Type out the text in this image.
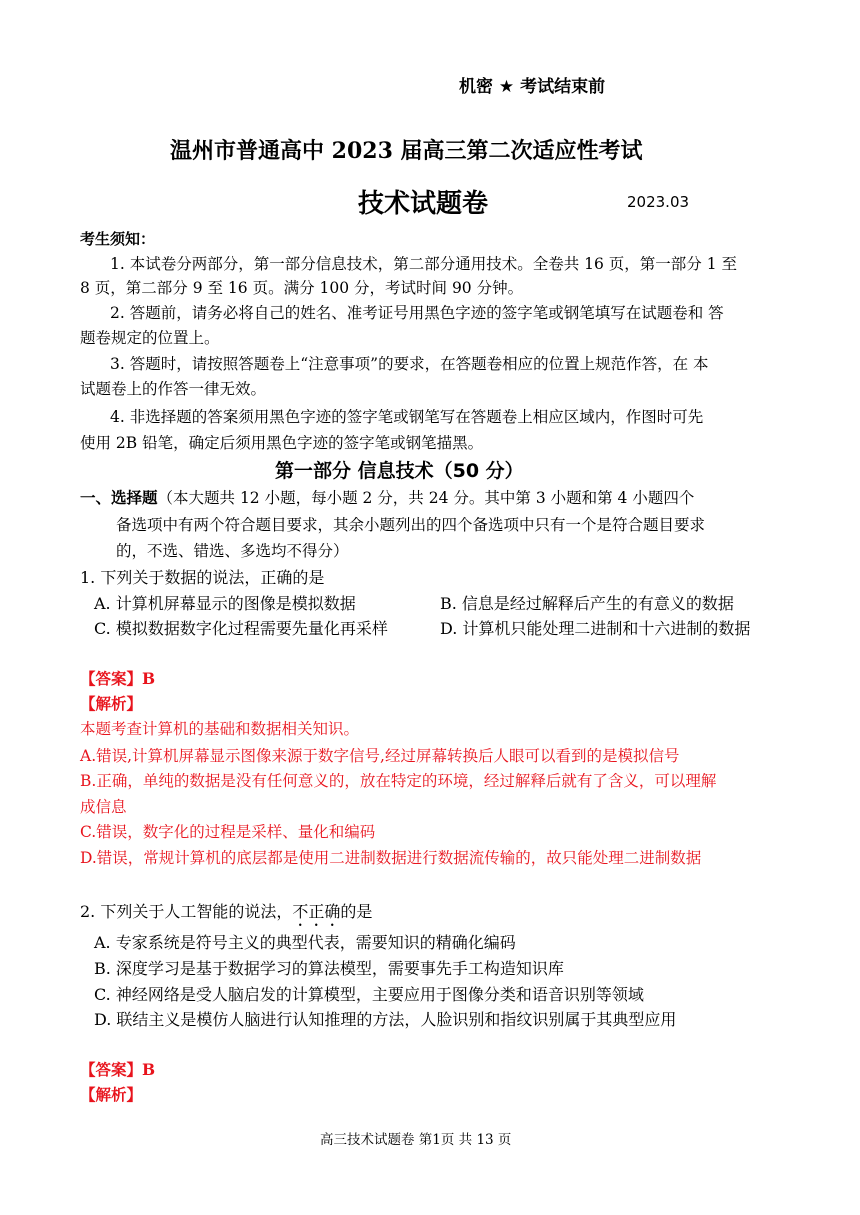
机密 ★ 考试结束前
温州市普通高中 2023 届高三第二次适应性考试
技术试题卷	2023.03
考生须知：
1. 本试卷分两部分，第一部分信息技术，第二部分通用技术。全卷共 16 页，第一部分 1 至
8 页，第二部分 9 至 16 页。满分 100 分，考试时间 90 分钟。
2. 答题前，请务必将自己的姓名、准考证号用黑色字迹的签字笔或钢笔填写在试题卷和 答
题卷规定的位置上。
3. 答题时，请按照答题卷上“注意事项”的要求，在答题卷相应的位置上规范作答，在 本
试题卷上的作答一律无效。
4. 非选择题的答案须用黑色字迹的签字笔或钢笔写在答题卷上相应区域内，作图时可先
使用 2B 铅笔，确定后须用黑色字迹的签字笔或钢笔描黑。
第一部分 信息技术（50 分）
一、选择题（本大题共 12 小题，每小题 2 分，共 24 分。其中第 3 小题和第 4 小题四个
备选项中有两个符合题目要求，其余小题列出的四个备选项中只有一个是符合题目要求
的，不选、错选、多选均不得分）
1. 下列关于数据的说法，正确的是
A. 计算机屏幕显示的图像是模拟数据	B. 信息是经过解释后产生的有意义的数据
C. 模拟数据数字化过程需要先量化再采样	D. 计算机只能处理二进制和十六进制的数据
【答案】B
【解析】
本题考查计算机的基础和数据相关知识。
A.错误,计算机屏幕显示图像来源于数字信号,经过屏幕转换后人眼可以看到的是模拟信号
B.正确，单纯的数据是没有任何意义的，放在特定的环境，经过解释后就有了含义，可以理解
成信息
C.错误，数字化的过程是采样、量化和编码
D.错误，常规计算机的底层都是使用二进制数据进行数据流传输的，故只能处理二进制数据
2. 下列关于人工智能的说法，不正确的是
A. 专家系统是符号主义的典型代表，需要知识的精确化编码
B. 深度学习是基于数据学习的算法模型，需要事先手工构造知识库
C. 神经网络是受人脑启发的计算模型，主要应用于图像分类和语音识别等领域
D. 联结主义是模仿人脑进行认知推理的方法，人脸识别和指纹识别属于其典型应用
【答案】B
【解析】
高三技术试题卷 第1页 共 13 页
